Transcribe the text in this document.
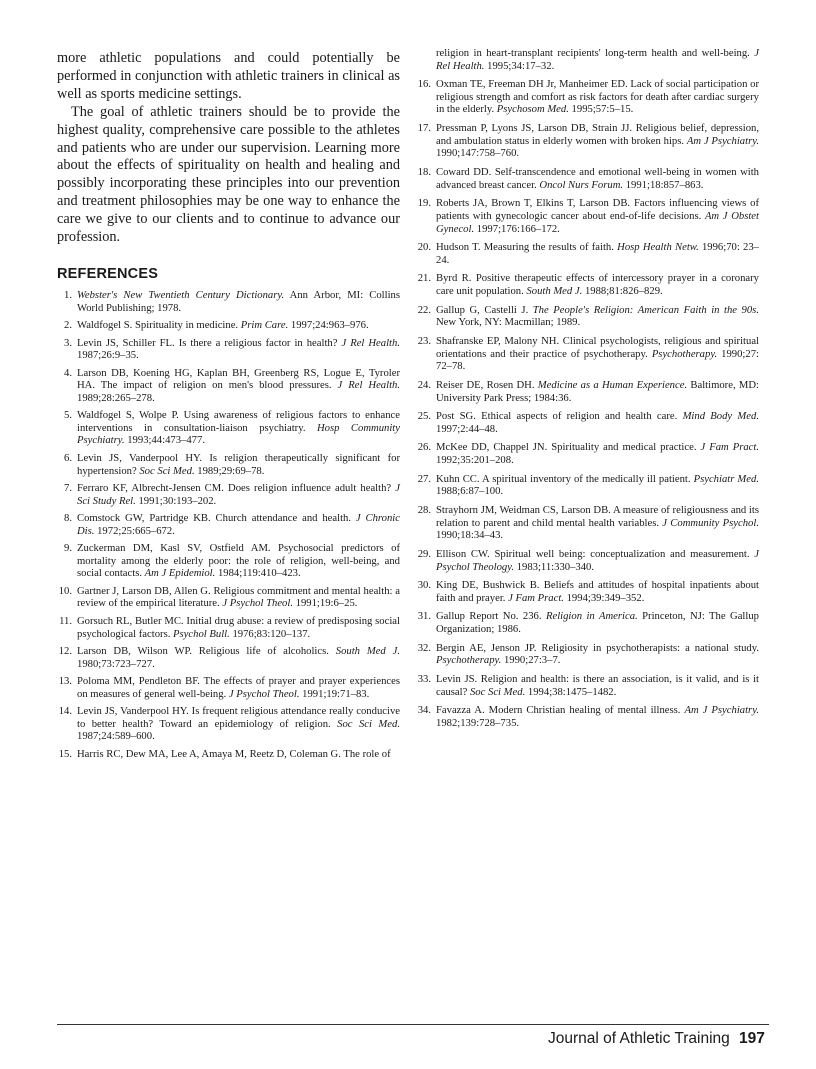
more athletic populations and could potentially be performed in conjunction with athletic trainers in clinical as well as sports medicine settings.

The goal of athletic trainers should be to provide the highest quality, comprehensive care possible to the athletes and patients who are under our supervision. Learning more about the effects of spirituality on health and healing and possibly incorporating these principles into our prevention and treatment philosophies may be one way to enhance the care we give to our clients and to continue to advance our profession.

REFERENCES
1. Webster's New Twentieth Century Dictionary. Ann Arbor, MI: Collins World Publishing; 1978.
2. Waldfogel S. Spirituality in medicine. Prim Care. 1997;24:963–976.
3. Levin JS, Schiller FL. Is there a religious factor in health? J Rel Health. 1987;26:9–35.
4. Larson DB, Koening HG, Kaplan BH, Greenberg RS, Logue E, Tyroler HA. The impact of religion on men's blood pressures. J Rel Health. 1989;28:265–278.
5. Waldfogel S, Wolpe P. Using awareness of religious factors to enhance interventions in consultation-liaison psychiatry. Hosp Community Psychiatry. 1993;44:473–477.
6. Levin JS, Vanderpool HY. Is religion therapeutically significant for hypertension? Soc Sci Med. 1989;29:69–78.
7. Ferraro KF, Albrecht-Jensen CM. Does religion influence adult health? J Sci Study Rel. 1991;30:193–202.
8. Comstock GW, Partridge KB. Church attendance and health. J Chronic Dis. 1972;25:665–672.
9. Zuckerman DM, Kasl SV, Ostfield AM. Psychosocial predictors of mortality among the elderly poor: the role of religion, well-being, and social contacts. Am J Epidemiol. 1984;119:410–423.
10. Gartner J, Larson DB, Allen G. Religious commitment and mental health: a review of the empirical literature. J Psychol Theol. 1991;19:6–25.
11. Gorsuch RL, Butler MC. Initial drug abuse: a review of predisposing social psychological factors. Psychol Bull. 1976;83:120–137.
12. Larson DB, Wilson WP. Religious life of alcoholics. South Med J. 1980;73:723–727.
13. Poloma MM, Pendleton BF. The effects of prayer and prayer experiences on measures of general well-being. J Psychol Theol. 1991;19:71–83.
14. Levin JS, Vanderpool HY. Is frequent religious attendance really conducive to better health? Toward an epidemiology of religion. Soc Sci Med. 1987;24:589–600.
15. Harris RC, Dew MA, Lee A, Amaya M, Reetz D, Coleman G. The role of
religion in heart-transplant recipients' long-term health and well-being. J Rel Health. 1995;34:17–32.
16. Oxman TE, Freeman DH Jr, Manheimer ED. Lack of social participation or religious strength and comfort as risk factors for death after cardiac surgery in the elderly. Psychosom Med. 1995;57:5–15.
17. Pressman P, Lyons JS, Larson DB, Strain JJ. Religious belief, depression, and ambulation status in elderly women with broken hips. Am J Psychiatry. 1990;147:758–760.
18. Coward DD. Self-transcendence and emotional well-being in women with advanced breast cancer. Oncol Nurs Forum. 1991;18:857–863.
19. Roberts JA, Brown T, Elkins T, Larson DB. Factors influencing views of patients with gynecologic cancer about end-of-life decisions. Am J Obstet Gynecol. 1997;176:166–172.
20. Hudson T. Measuring the results of faith. Hosp Health Netw. 1996;70: 23–24.
21. Byrd R. Positive therapeutic effects of intercessory prayer in a coronary care unit population. South Med J. 1988;81:826–829.
22. Gallup G, Castelli J. The People's Religion: American Faith in the 90s. New York, NY: Macmillan; 1989.
23. Shafranske EP, Malony NH. Clinical psychologists, religious and spiritual orientations and their practice of psychotherapy. Psychotherapy. 1990;27: 72–78.
24. Reiser DE, Rosen DH. Medicine as a Human Experience. Baltimore, MD: University Park Press; 1984:36.
25. Post SG. Ethical aspects of religion and health care. Mind Body Med. 1997;2:44–48.
26. McKee DD, Chappel JN. Spirituality and medical practice. J Fam Pract. 1992;35:201–208.
27. Kuhn CC. A spiritual inventory of the medically ill patient. Psychiatr Med. 1988;6:87–100.
28. Strayhorn JM, Weidman CS, Larson DB. A measure of religiousness and its relation to parent and child mental health variables. J Community Psychol. 1990;18:34–43.
29. Ellison CW. Spiritual well being: conceptualization and measurement. J Psychol Theology. 1983;11:330–340.
30. King DE, Bushwick B. Beliefs and attitudes of hospital inpatients about faith and prayer. J Fam Pract. 1994;39:349–352.
31. Gallup Report No. 236. Religion in America. Princeton, NJ: The Gallup Organization; 1986.
32. Bergin AE, Jenson JP. Religiosity in psychotherapists: a national study. Psychotherapy. 1990;27:3–7.
33. Levin JS. Religion and health: is there an association, is it valid, and is it causal? Soc Sci Med. 1994;38:1475–1482.
34. Favazza A. Modern Christian healing of mental illness. Am J Psychiatry. 1982;139:728–735.
Journal of Athletic Training 197
